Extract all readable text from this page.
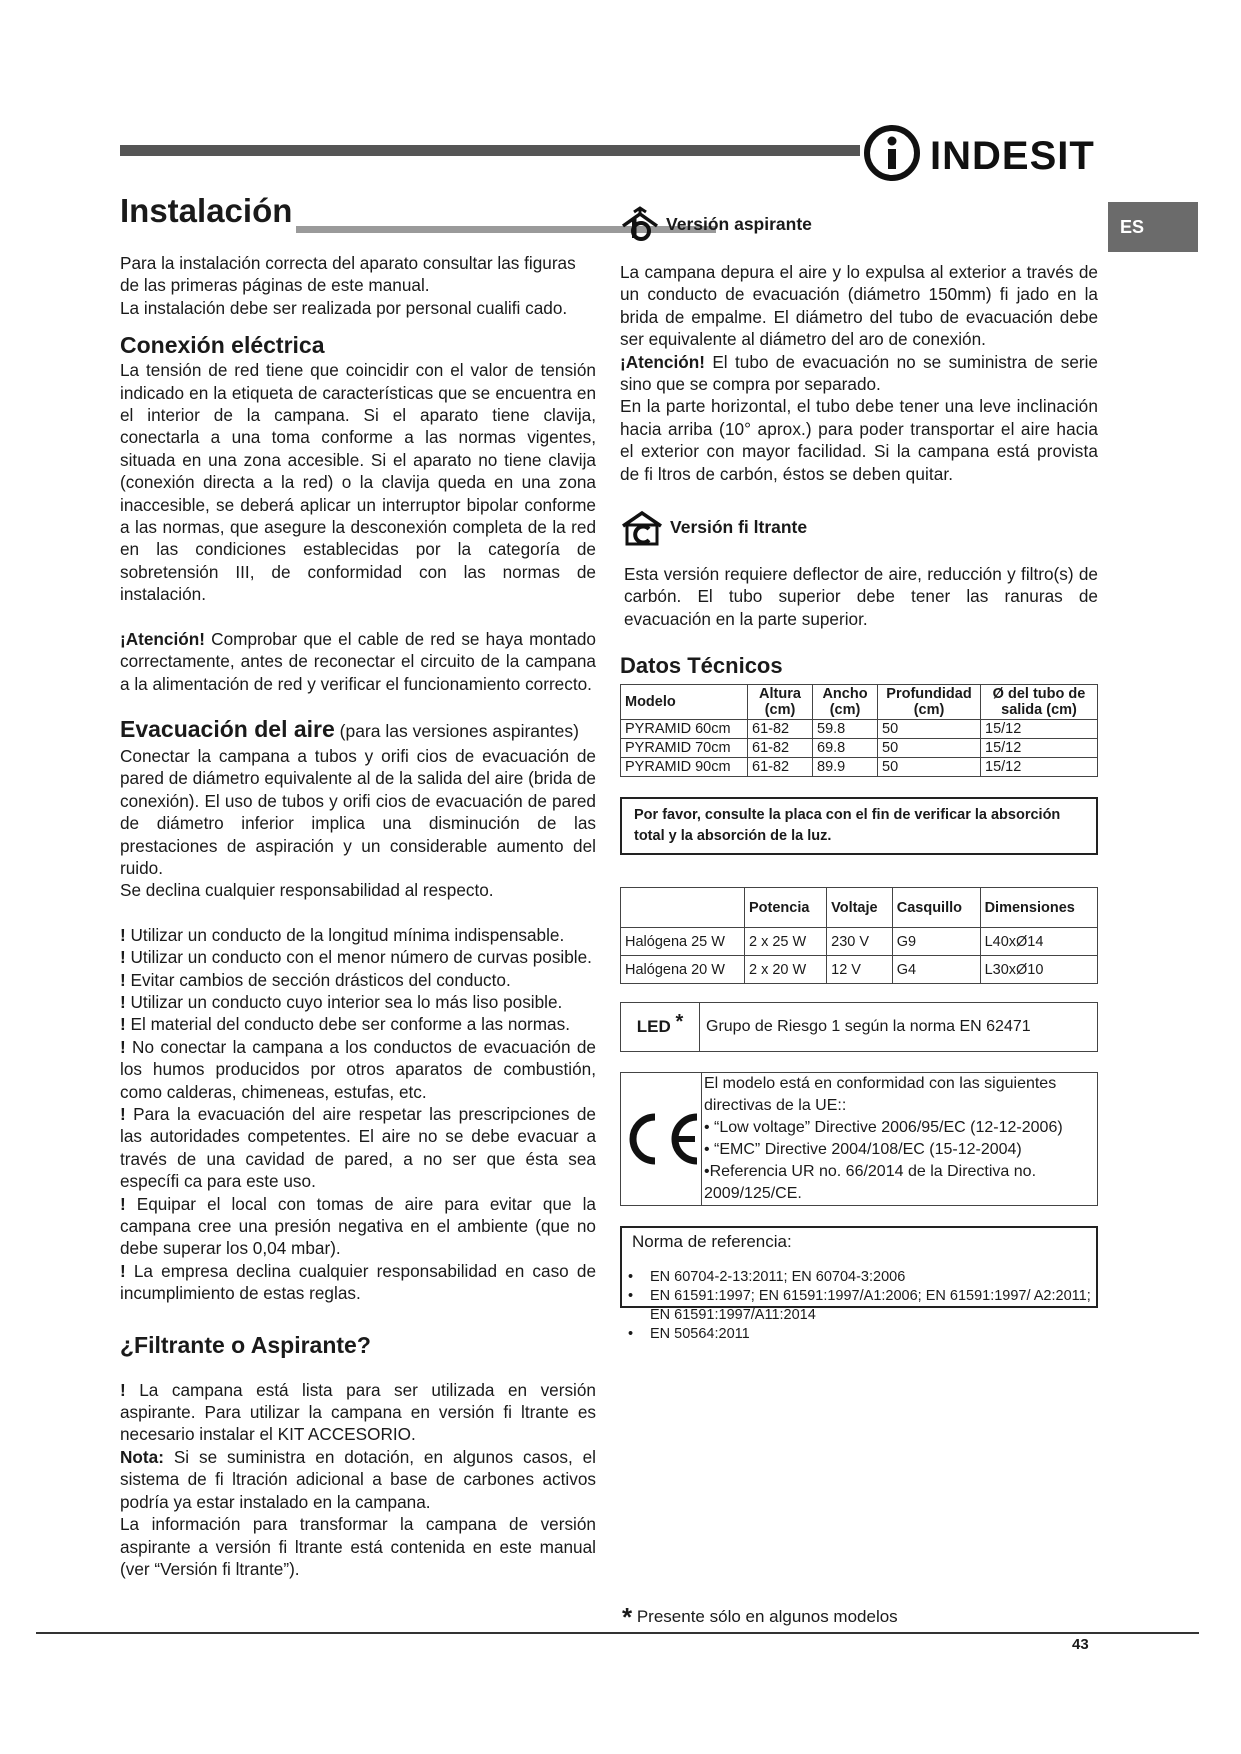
INDESIT
ES
Instalación

Para la instalación correcta del aparato consultar las figuras de las primeras páginas de este manual.

La instalación debe ser realizada por personal cualifi cado.

Conexión eléctrica

La tensión de red tiene que coincidir con el valor de tensión indicado en la etiqueta de características que se encuentra en el interior de la campana. Si el aparato tiene clavija, conectarla a una toma conforme a las normas vigentes, situada en una zona accesible. Si el aparato no tiene clavija (conexión directa a la red) o la clavija queda en una zona inaccesible, se deberá aplicar un interruptor bipolar conforme a las normas, que asegure la desconexión completa de la red en las condiciones establecidas por la categoría de sobretensión III, de conformidad con las normas de instalación.

¡Atención! Comprobar que el cable de red se haya montado correctamente, antes de reconectar el circuito de la campana a la alimentación de red y verificar el funcionamiento correcto.

Evacuación del aire (para las versiones aspirantes)

Conectar la campana a tubos y orifi cios de evacuación de pared de diámetro equivalente al de la salida del aire (brida de conexión). El uso de tubos y orifi cios de evacuación de pared de diámetro inferior implica una disminución de las prestaciones de aspiración y un considerable aumento del ruido.

Se declina cualquier responsabilidad al respecto.

! Utilizar un conducto de la longitud mínima indispensable.

! Utilizar un conducto con el menor número de curvas posible.

! Evitar cambios de sección drásticos del conducto.

! Utilizar un conducto cuyo interior sea lo más liso posible.

! El material del conducto debe ser conforme a las normas.

! No conectar la campana a los conductos de evacuación de los humos producidos por otros aparatos de combustión, como calderas, chimeneas, estufas, etc.

! Para la evacuación del aire respetar las prescripciones de las autoridades competentes. El aire no se debe evacuar a través de una cavidad de pared, a no ser que ésta sea específi ca para este uso.

! Equipar el local con tomas de aire para evitar que la campana cree una presión negativa en el ambiente (que no debe superar los 0,04 mbar).

! La empresa declina cualquier responsabilidad en caso de incumplimiento de estas reglas.

¿Filtrante o Aspirante?

! La campana está lista para ser utilizada en versión aspirante. Para utilizar la campana en versión fi ltrante es necesario instalar el KIT ACCESORIO.

Nota: Si se suministra en dotación, en algunos casos, el sistema de fi ltración adicional a base de carbones activos podría ya estar instalado en la campana.

La información para transformar la campana de versión aspirante a versión fi ltrante está contenida en este manual (ver “Versión fi ltrante”).

Versión aspirante

La campana depura el aire y lo expulsa al exterior a través de un conducto de evacuación (diámetro 150mm) fi jado en la brida de empalme. El diámetro del tubo de evacuación debe ser equivalente al diámetro del aro de conexión.

¡Atención! El tubo de evacuación no se suministra de serie sino que se compra por separado.

En la parte horizontal, el tubo debe tener una leve inclinación hacia arriba (10° aprox.) para poder transportar el aire hacia el exterior con mayor facilidad. Si la campana está provista de fi ltros de carbón, éstos se deben quitar.

Versión fi ltrante

Esta versión requiere deflector de aire, reducción y filtro(s) de carbón. El tubo superior debe tener las ranuras de evacuación en la parte superior.

Datos Técnicos
Modelo	Altura (cm)	Ancho (cm)	Profundidad (cm)	Ø del tubo de salida (cm)
PYRAMID 60cm	61-82	59.8	50	15/12
PYRAMID 70cm	61-82	69.8	50	15/12
PYRAMID 90cm	61-82	89.9	50	15/12
Por favor, consulte la placa con el fin de verificar la absorción total y la absorción de la luz.
	Potencia	Voltaje	Casquillo	Dimensiones
Halógena 25 W	2 x 25 W	230 V	G9	L40xØ14
Halógena 20 W	2 x 20 W	12 V	G4	L30xØ10
LED
* Grupo de Riesgo 1 según la norma EN 62471
El modelo está en conformidad con las siguientes directivas de la UE::
• “Low voltage” Directive 2006/95/EC (12-12-2006)
• “EMC” Directive 2004/108/EC (15-12-2004)
•Referencia UR no. 66/2014 de la Directiva no. 2009/125/CE.
Norma de referencia:
• EN 60704-2-13:2011; EN 60704-3:2006
• EN 61591:1997; EN 61591:1997/A1:2006; EN 61591:1997/ A2:2011; EN 61591:1997/A11:2014
• EN 50564:2011
* Presente sólo en algunos modelos
43
